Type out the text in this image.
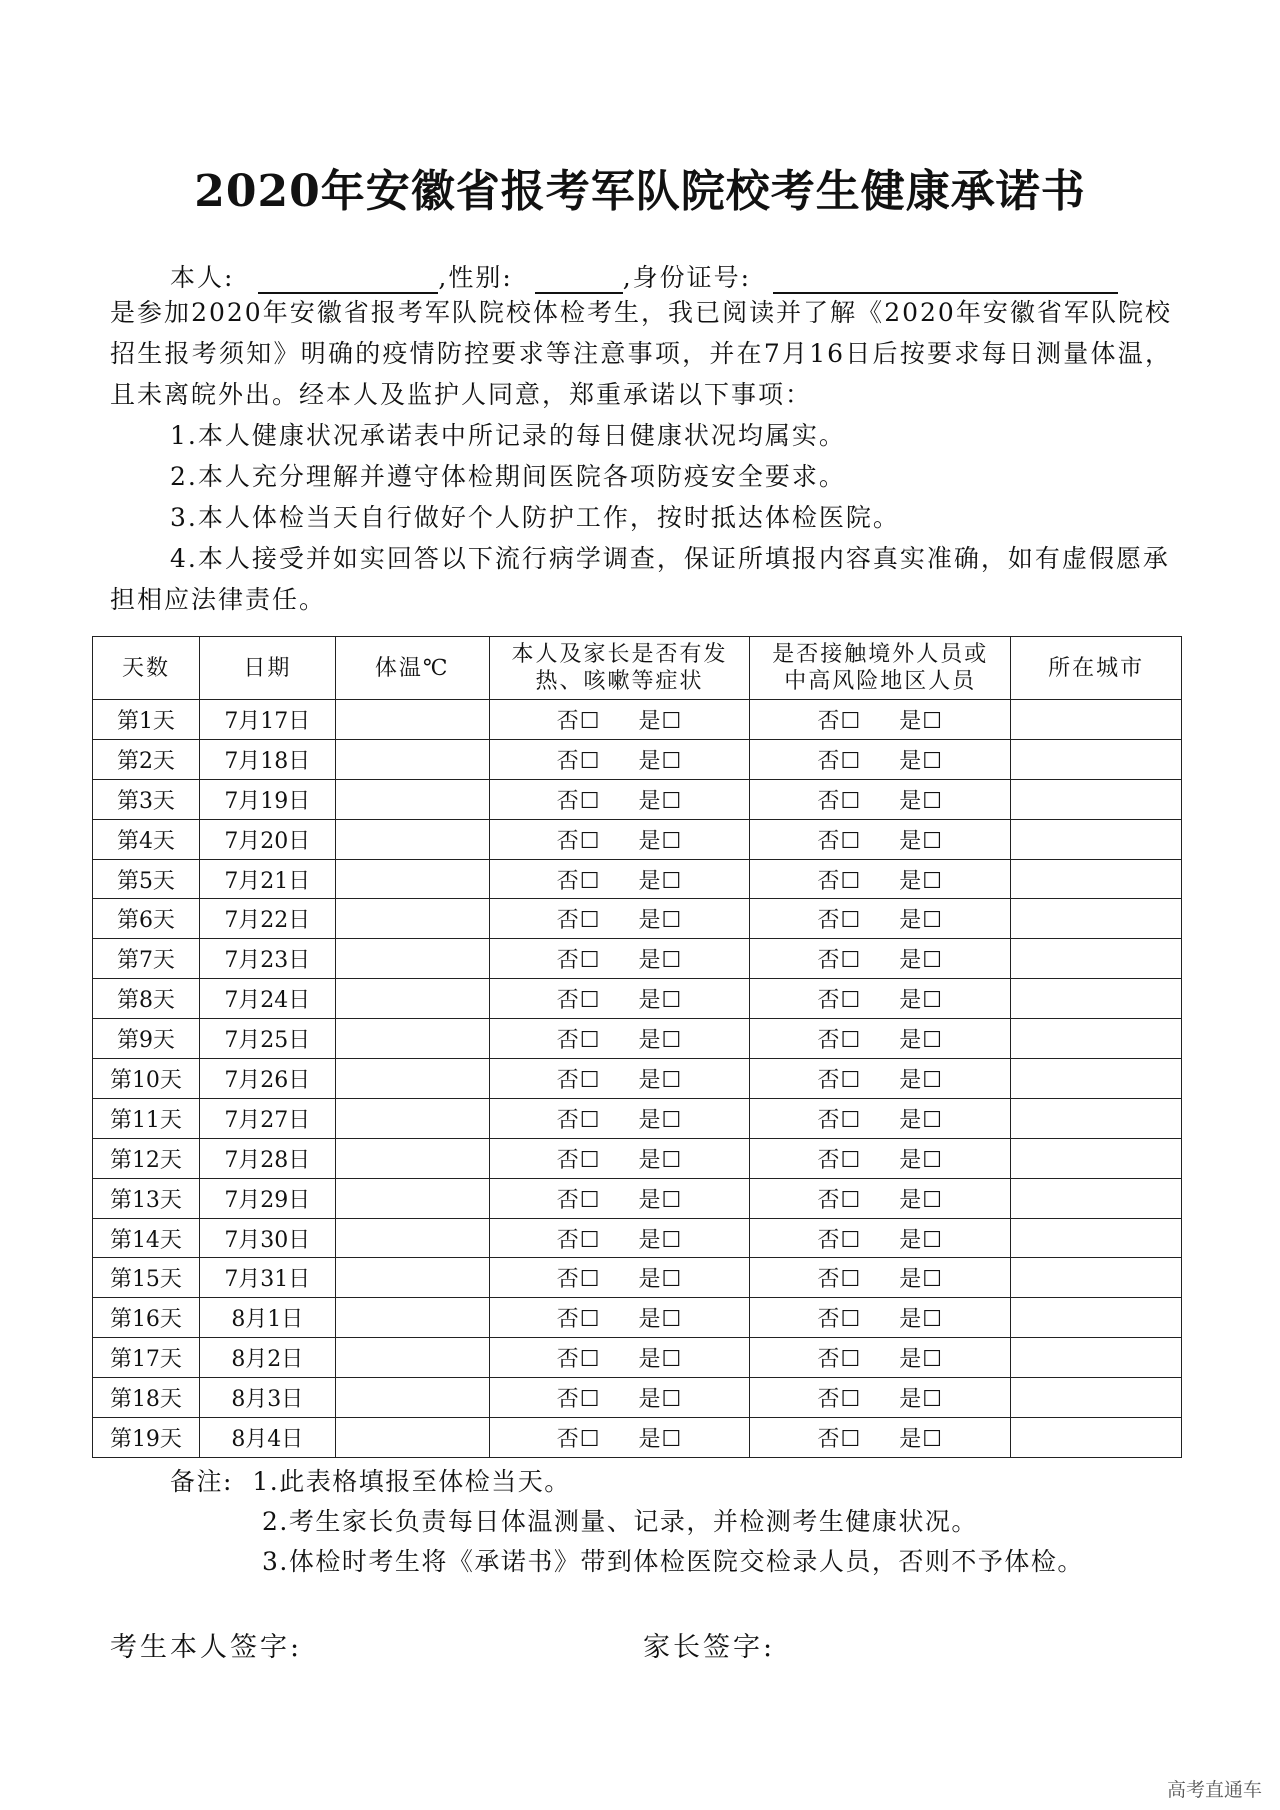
2020年安徽省报考军队院校考生健康承诺书
本人:	,性别:	,身份证号:
是参加2020年安徽省报考军队院校体检考生，我已阅读并了解《2020年安徽省军队院校招生报考须知》明确的疫情防控要求等注意事项，并在7月16日后按要求每日测量体温，且未离皖外出。经本人及监护人同意，郑重承诺以下事项：
1.本人健康状况承诺表中所记录的每日健康状况均属实。
2.本人充分理解并遵守体检期间医院各项防疫安全要求。
3.本人体检当天自行做好个人防护工作，按时抵达体检医院。
4.本人接受并如实回答以下流行病学调查，保证所填报内容真实准确，如有虚假愿承担相应法律责任。
天数	日期	体温℃	本人及家长是否有发热、咳嗽等症状	是否接触境外人员或中高风险地区人员	所在城市
第1天	7月17日		否☐ 是☐	否☐ 是☐	
第2天	7月18日		否☐ 是☐	否☐ 是☐	
第3天	7月19日		否☐ 是☐	否☐ 是☐	
第4天	7月20日		否☐ 是☐	否☐ 是☐	
第5天	7月21日		否☐ 是☐	否☐ 是☐	
第6天	7月22日		否☐ 是☐	否☐ 是☐	
第7天	7月23日		否☐ 是☐	否☐ 是☐	
第8天	7月24日		否☐ 是☐	否☐ 是☐	
第9天	7月25日		否☐ 是☐	否☐ 是☐	
第10天	7月26日		否☐ 是☐	否☐ 是☐	
第11天	7月27日		否☐ 是☐	否☐ 是☐	
第12天	7月28日		否☐ 是☐	否☐ 是☐	
第13天	7月29日		否☐ 是☐	否☐ 是☐	
第14天	7月30日		否☐ 是☐	否☐ 是☐	
第15天	7月31日		否☐ 是☐	否☐ 是☐	
第16天	8月1日		否☐ 是☐	否☐ 是☐	
第17天	8月2日		否☐ 是☐	否☐ 是☐	
第18天	8月3日		否☐ 是☐	否☐ 是☐	
第19天	8月4日		否☐ 是☐	否☐ 是☐	
备注: 1.此表格填报至体检当天。
2.考生家长负责每日体温测量、记录，并检测考生健康状况。
3.体检时考生将《承诺书》带到体检医院交检录人员，否则不予体检。
考生本人签字:	家长签字:
高考直通车
